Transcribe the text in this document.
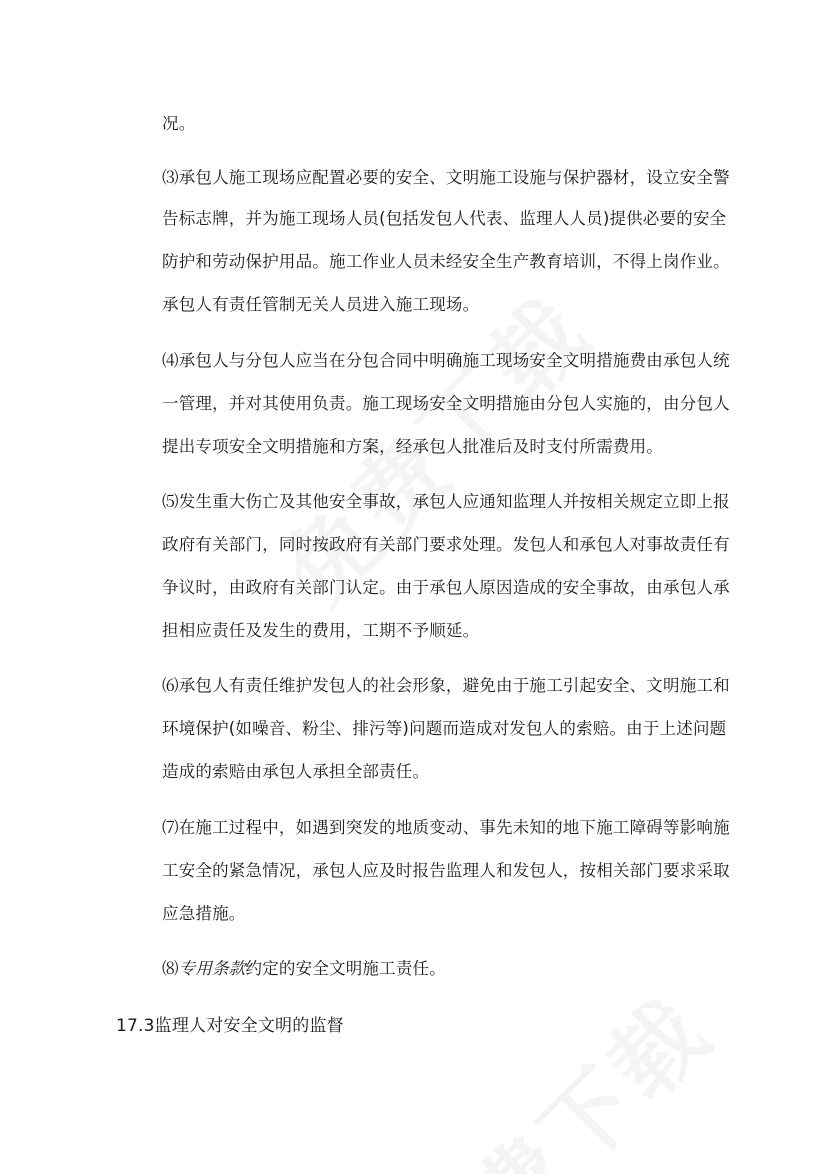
况。
⑶承包人施工现场应配置必要的安全、文明施工设施与保护器材，设立安全警
告标志牌，并为施工现场人员(包括发包人代表、监理人人员)提供必要的安全
防护和劳动保护用品。施工作业人员未经安全生产教育培训，不得上岗作业。
承包人有责任管制无关人员进入施工现场。
⑷承包人与分包人应当在分包合同中明确施工现场安全文明措施费由承包人统
一管理，并对其使用负责。施工现场安全文明措施由分包人实施的，由分包人
提出专项安全文明措施和方案，经承包人批准后及时支付所需费用。
⑸发生重大伤亡及其他安全事故，承包人应通知监理人并按相关规定立即上报
政府有关部门，同时按政府有关部门要求处理。发包人和承包人对事故责任有
争议时，由政府有关部门认定。由于承包人原因造成的安全事故，由承包人承
担相应责任及发生的费用，工期不予顺延。
⑹承包人有责任维护发包人的社会形象，避免由于施工引起安全、文明施工和
环境保护(如噪音、粉尘、排污等)问题而造成对发包人的索赔。由于上述问题
造成的索赔由承包人承担全部责任。
⑺在施工过程中，如遇到突发的地质变动、事先未知的地下施工障碍等影响施
工安全的紧急情况，承包人应及时报告监理人和发包人，按相关部门要求采取
应急措施。
⑻专用条款约定的安全文明施工责任。
17.3监理人对安全文明的监督
